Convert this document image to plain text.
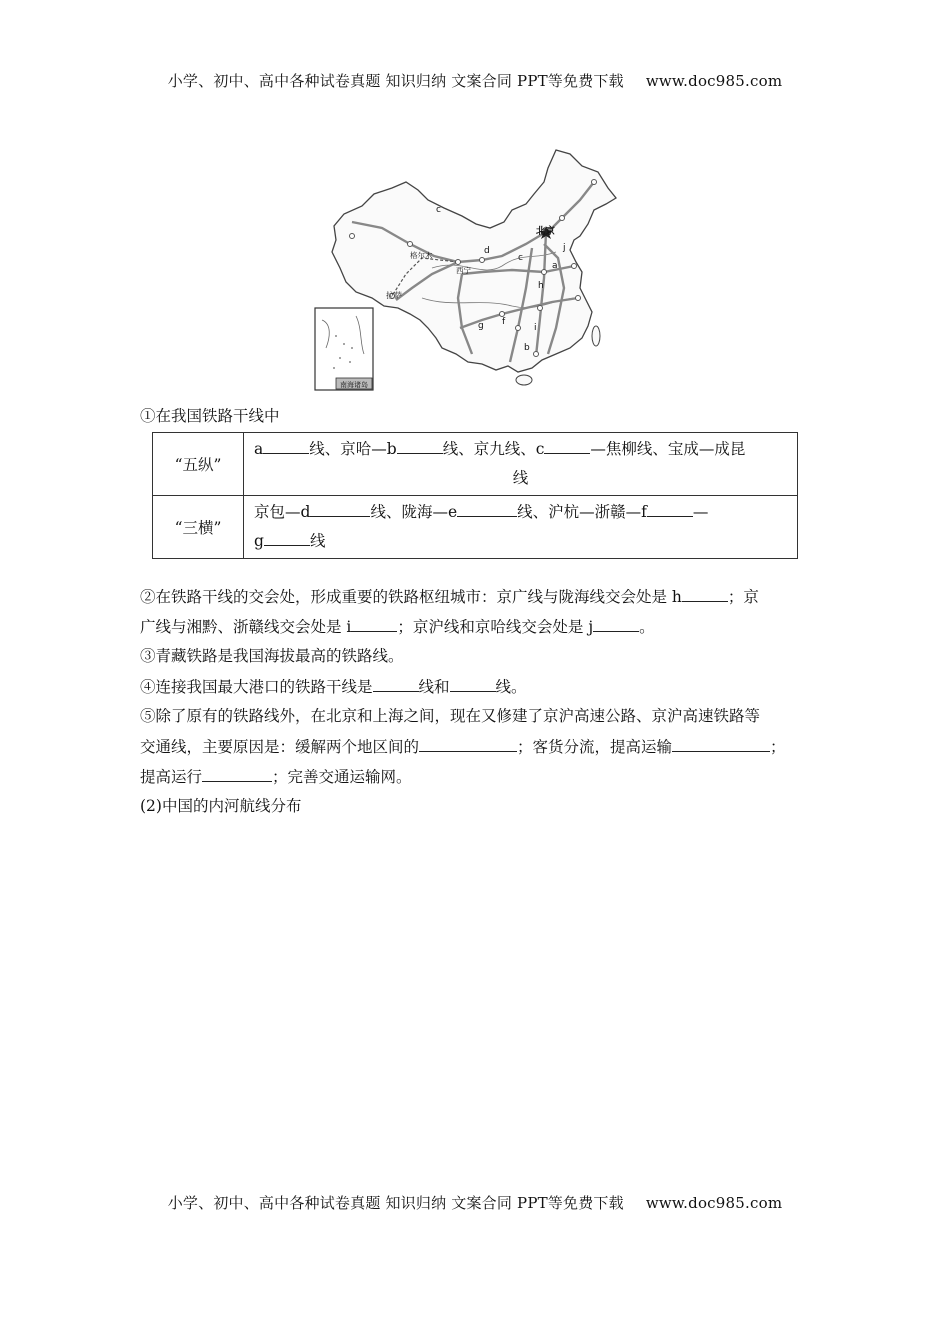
小学、初中、高中各种试卷真题 知识归纳 文案合同 PPT等免费下载 www.doc985.com
南海诸岛
北京
格尔木
西宁
拉萨
c
d
c
j
a
h
f
g	i
b
①在我国铁路干线中
“五纵”	a 线、京哈—b 线、京九线、c —焦柳线、宝成—成昆
线

“三横”	京包—d 线、陇海—e 线、沪杭—浙赣—f —
g 线
②在铁路干线的交会处，形成重要的铁路枢纽城市：京广线与陇海线交会处是 h	；京
广线与湘黔、浙赣线交会处是 i	；京沪线和京哈线交会处是 j	。
③青藏铁路是我国海拔最高的铁路线。
④连接我国最大港口的铁路干线是	线和	线。
⑤除了原有的铁路线外，在北京和上海之间，现在又修建了京沪高速公路、京沪高速铁路等
交通线，主要原因是：缓解两个地区间的	；客货分流，提高运输	；
提高运行	；完善交通运输网。
(2)中国的内河航线分布
小学、初中、高中各种试卷真题 知识归纳 文案合同 PPT等免费下载 www.doc985.com
